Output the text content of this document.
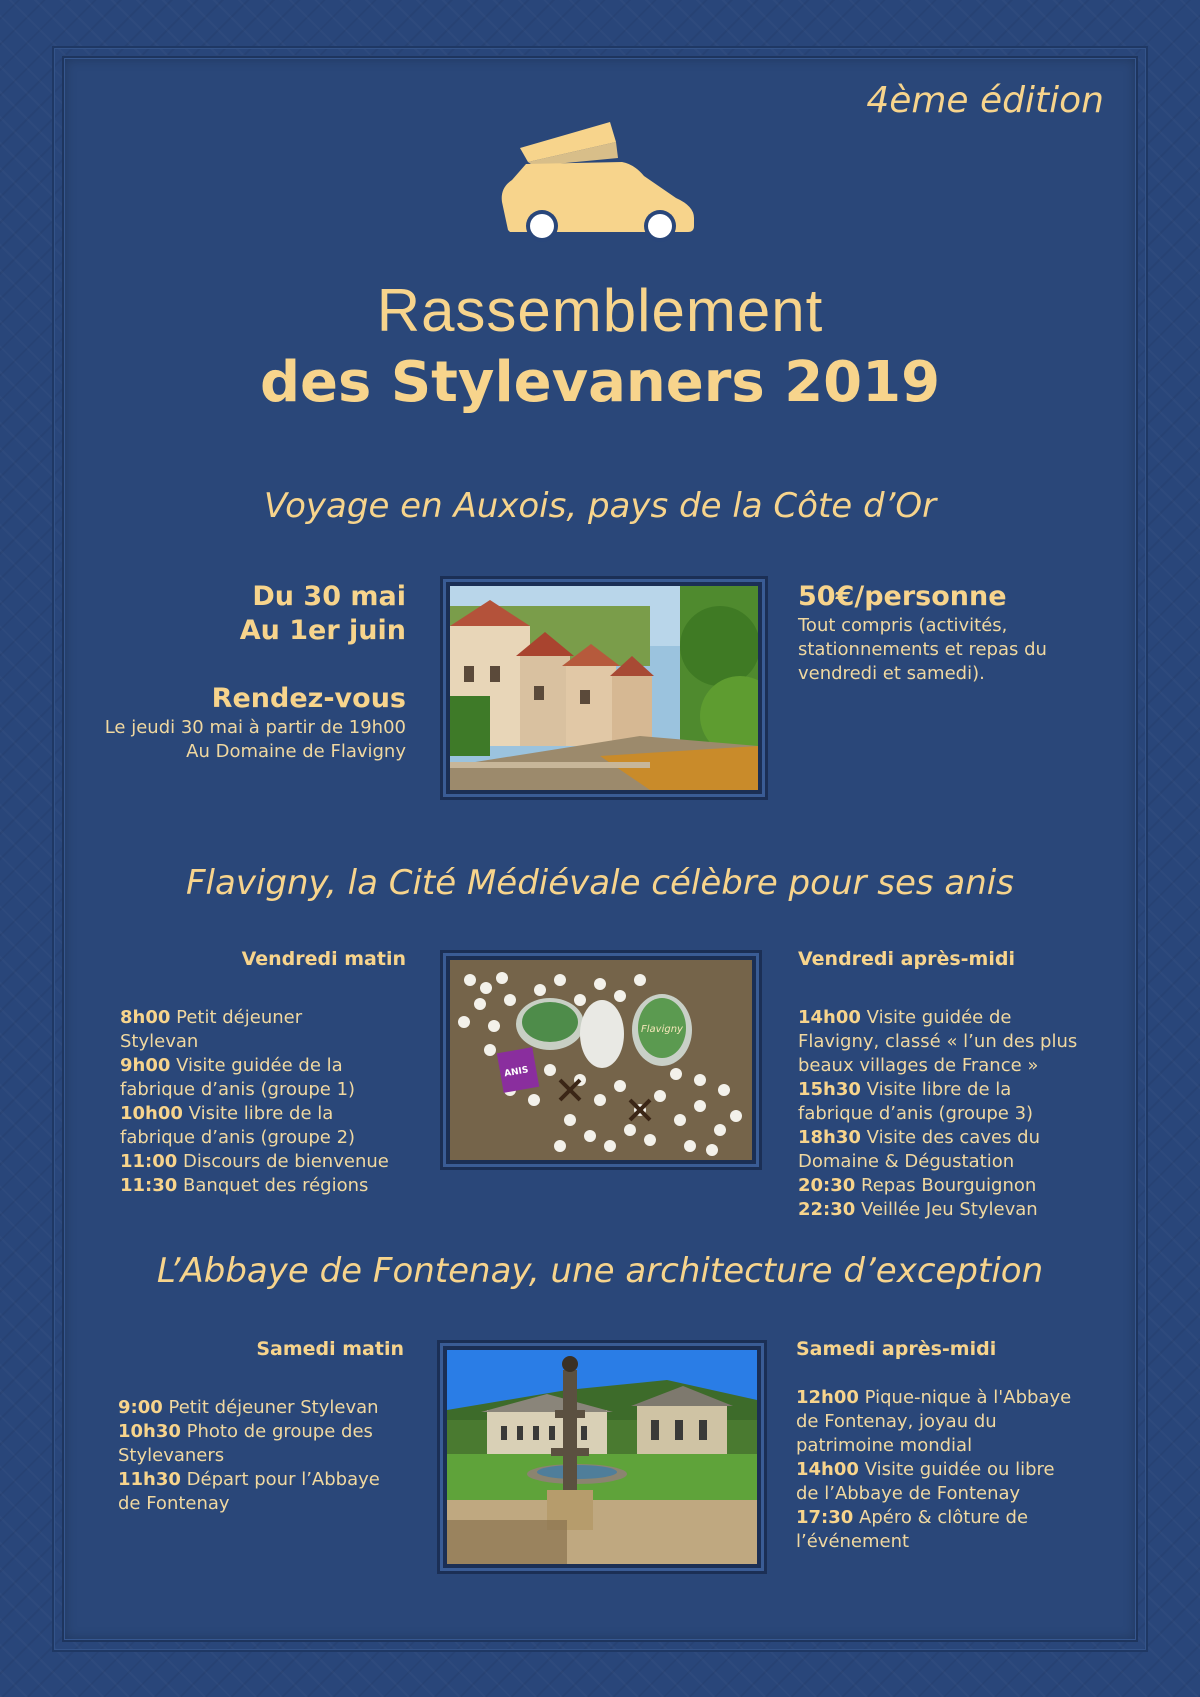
4ème édition
Rassemblement
des Stylevaners 2019
Voyage en Auxois, pays de la Côte d’Or
Du 30 mai
Au 1er juin
Rendez-vous
Le jeudi 30 mai à partir de 19h00
Au Domaine de Flavigny
50€/personne
Tout compris (activités,
stationnements et repas du
vendredi et samedi).
Flavigny, la Cité Médiévale célèbre pour ses anis
Vendredi matin
8h00 Petit déjeuner
Stylevan
9h00 Visite guidée de la
fabrique d’anis (groupe 1)
10h00 Visite libre de la
fabrique d’anis (groupe 2)
11:00 Discours de bienvenue
11:30 Banquet des régions
Flavigny
ANIS
Vendredi après-midi
14h00 Visite guidée de
Flavigny, classé « l’un des plus
beaux villages de France »
15h30 Visite libre de la
fabrique d’anis (groupe 3)
18h30 Visite des caves du
Domaine & Dégustation
20:30 Repas Bourguignon
22:30 Veillée Jeu Stylevan
L’Abbaye de Fontenay, une architecture d’exception
Samedi matin
9:00 Petit déjeuner Stylevan
10h30 Photo de groupe des
Stylevaners
11h30 Départ pour l’Abbaye
de Fontenay
Samedi après-midi
12h00 Pique-nique à l'Abbaye
de Fontenay, joyau du
patrimoine mondial
14h00 Visite guidée ou libre
de l’Abbaye de Fontenay
17:30 Apéro & clôture de
l’événement
